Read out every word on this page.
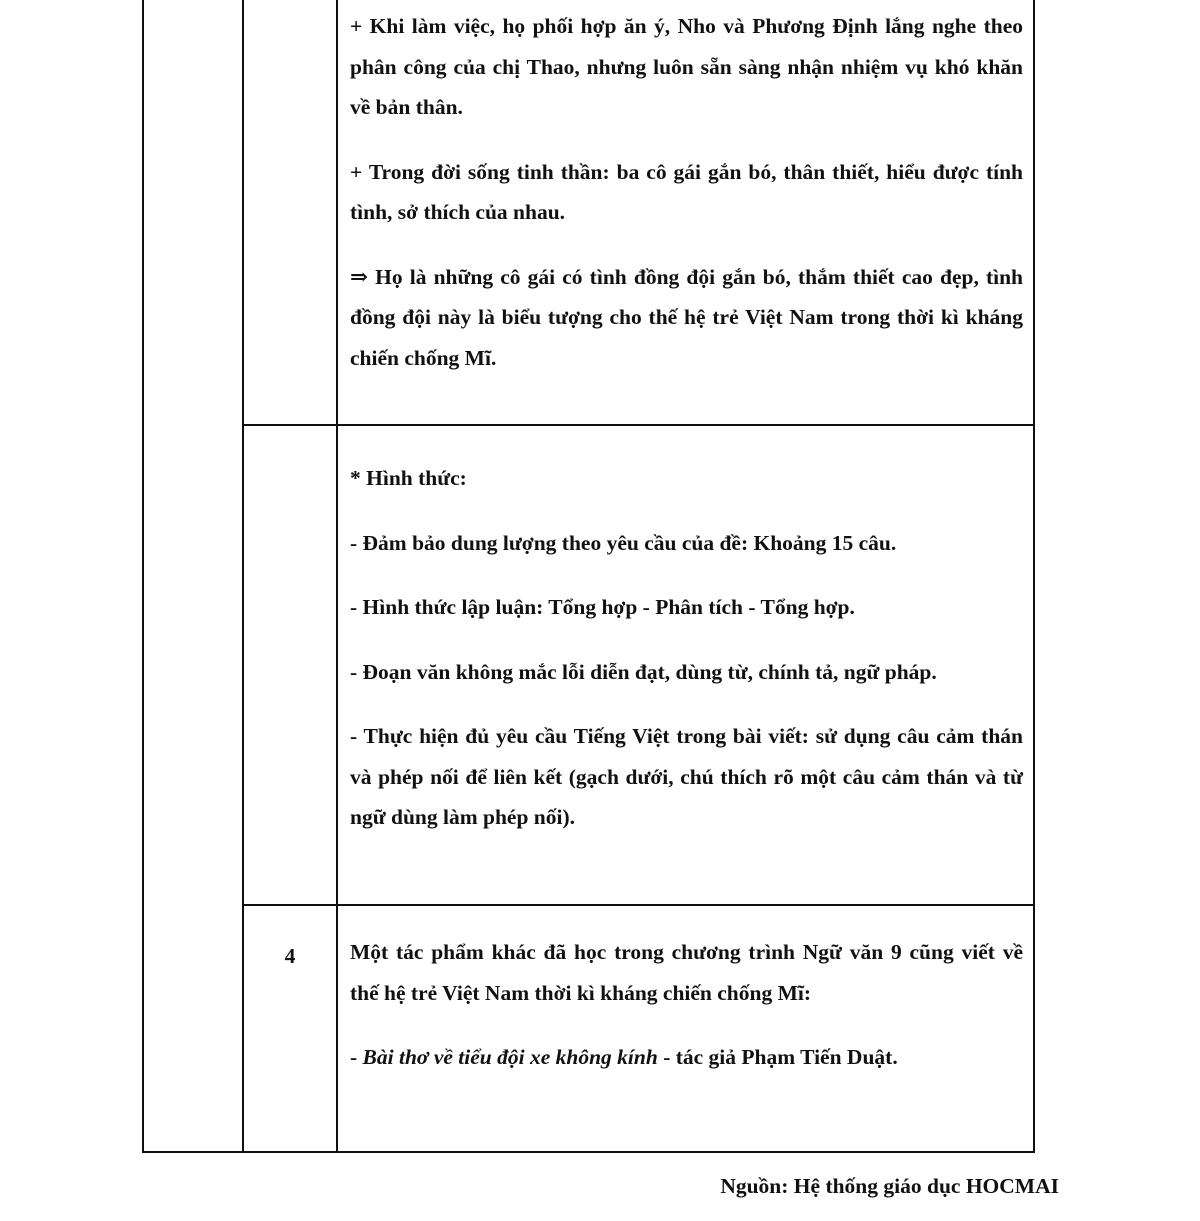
		+ Khi làm việc, họ phối hợp ăn ý, Nho và Phương Định lắng nghe theo phân công của chị Thao, nhưng luôn sẵn sàng nhận nhiệm vụ khó khăn về bản thân.

+ Trong đời sống tinh thần: ba cô gái gắn bó, thân thiết, hiểu được tính tình, sở thích của nhau.

⇒ Họ là những cô gái có tình đồng đội gắn bó, thắm thiết cao đẹp, tình đồng đội này là biểu tượng cho thế hệ trẻ Việt Nam trong thời kì kháng chiến chống Mĩ.

		* Hình thức:

- Đảm bảo dung lượng theo yêu cầu của đề: Khoảng 15 câu.

- Hình thức lập luận: Tổng hợp - Phân tích - Tổng hợp.

- Đoạn văn không mắc lỗi diễn đạt, dùng từ, chính tả, ngữ pháp.

- Thực hiện đủ yêu cầu Tiếng Việt trong bài viết: sử dụng câu cảm thán và phép nối để liên kết (gạch dưới, chú thích rõ một câu cảm thán và từ ngữ dùng làm phép nối).

	4	Một tác phẩm khác đã học trong chương trình Ngữ văn 9 cũng viết về thế hệ trẻ Việt Nam thời kì kháng chiến chống Mĩ:

- Bài thơ về tiểu đội xe không kính - tác giả Phạm Tiến Duật.

Nguồn: Hệ thống giáo dục HOCMAI
